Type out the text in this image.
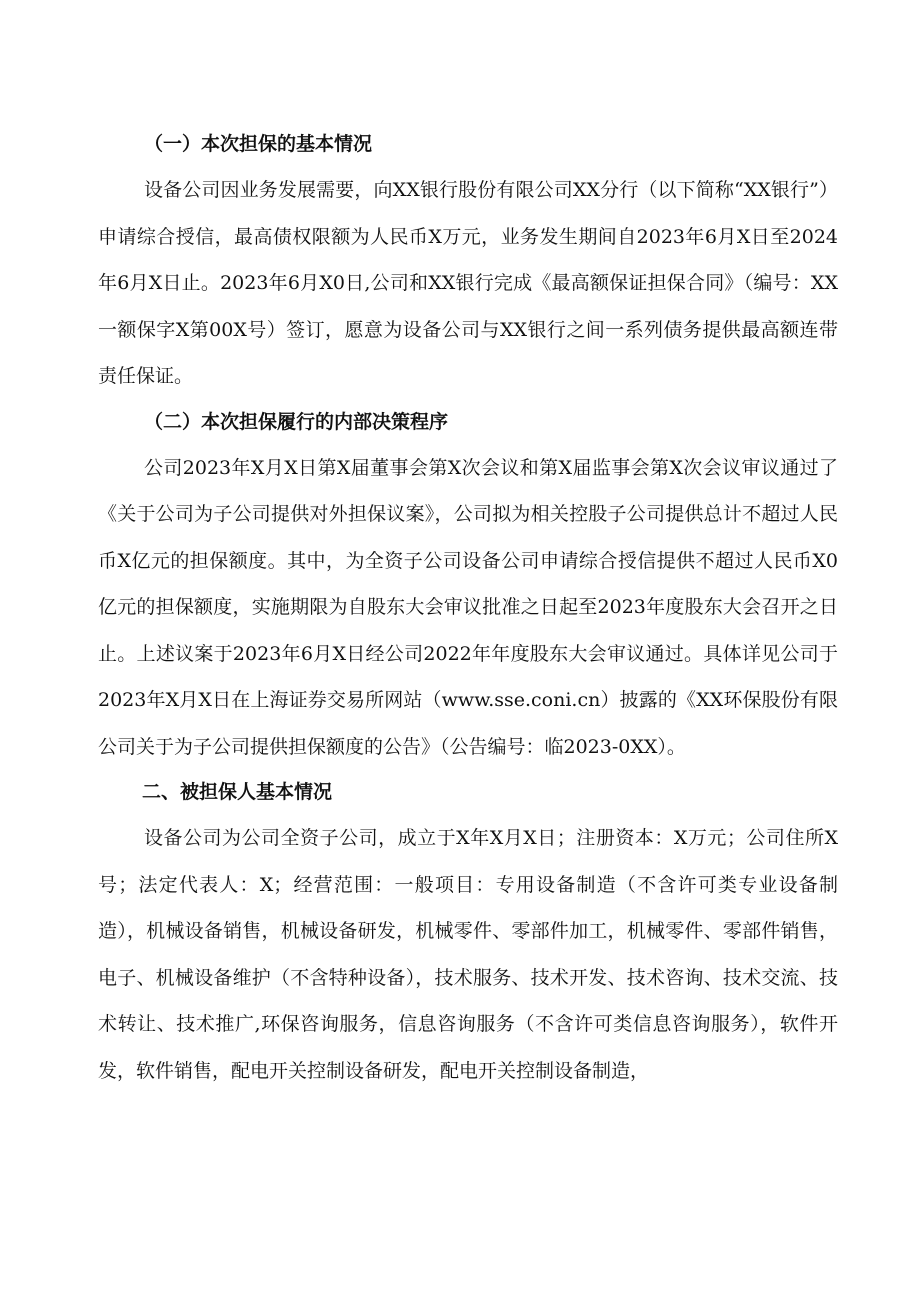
（一）本次担保的基本情况

设备公司因业务发展需要，向XX银行股份有限公司XX分行（以下简称“XX银行”）申请综合授信，最高债权限额为人民币X万元，业务发生期间自2023年6月X日至2024年6月X日止。2023年6月X0日,公司和XX银行完成《最高额保证担保合同》（编号：XX一额保字X第00X号）签订，愿意为设备公司与XX银行之间一系列债务提供最高额连带责任保证。

（二）本次担保履行的内部决策程序

公司2023年X月X日第X届董事会第X次会议和第X届监事会第X次会议审议通过了《关于公司为子公司提供对外担保议案》，公司拟为相关控股子公司提供总计不超过人民币X亿元的担保额度。其中，为全资子公司设备公司申请综合授信提供不超过人民币X0亿元的担保额度，实施期限为自股东大会审议批准之日起至2023年度股东大会召开之日止。上述议案于2023年6月X日经公司2022年年度股东大会审议通过。具体详见公司于2023年X月X日在上海证券交易所网站（www.sse.coni.cn）披露的《XX环保股份有限公司关于为子公司提供担保额度的公告》（公告编号：临2023-0XX）。

二、被担保人基本情况

设备公司为公司全资子公司，成立于X年X月X日；注册资本：X万元；公司住所X号；法定代表人：X；经营范围：一般项目：专用设备制造（不含许可类专业设备制造），机械设备销售，机械设备研发，机械零件、零部件加工，机械零件、零部件销售，电子、机械设备维护（不含特种设备），技术服务、技术开发、技术咨询、技术交流、技术转让、技术推广,环保咨询服务，信息咨询服务（不含许可类信息咨询服务），软件开发，软件销售，配电开关控制设备研发，配电开关控制设备制造，
